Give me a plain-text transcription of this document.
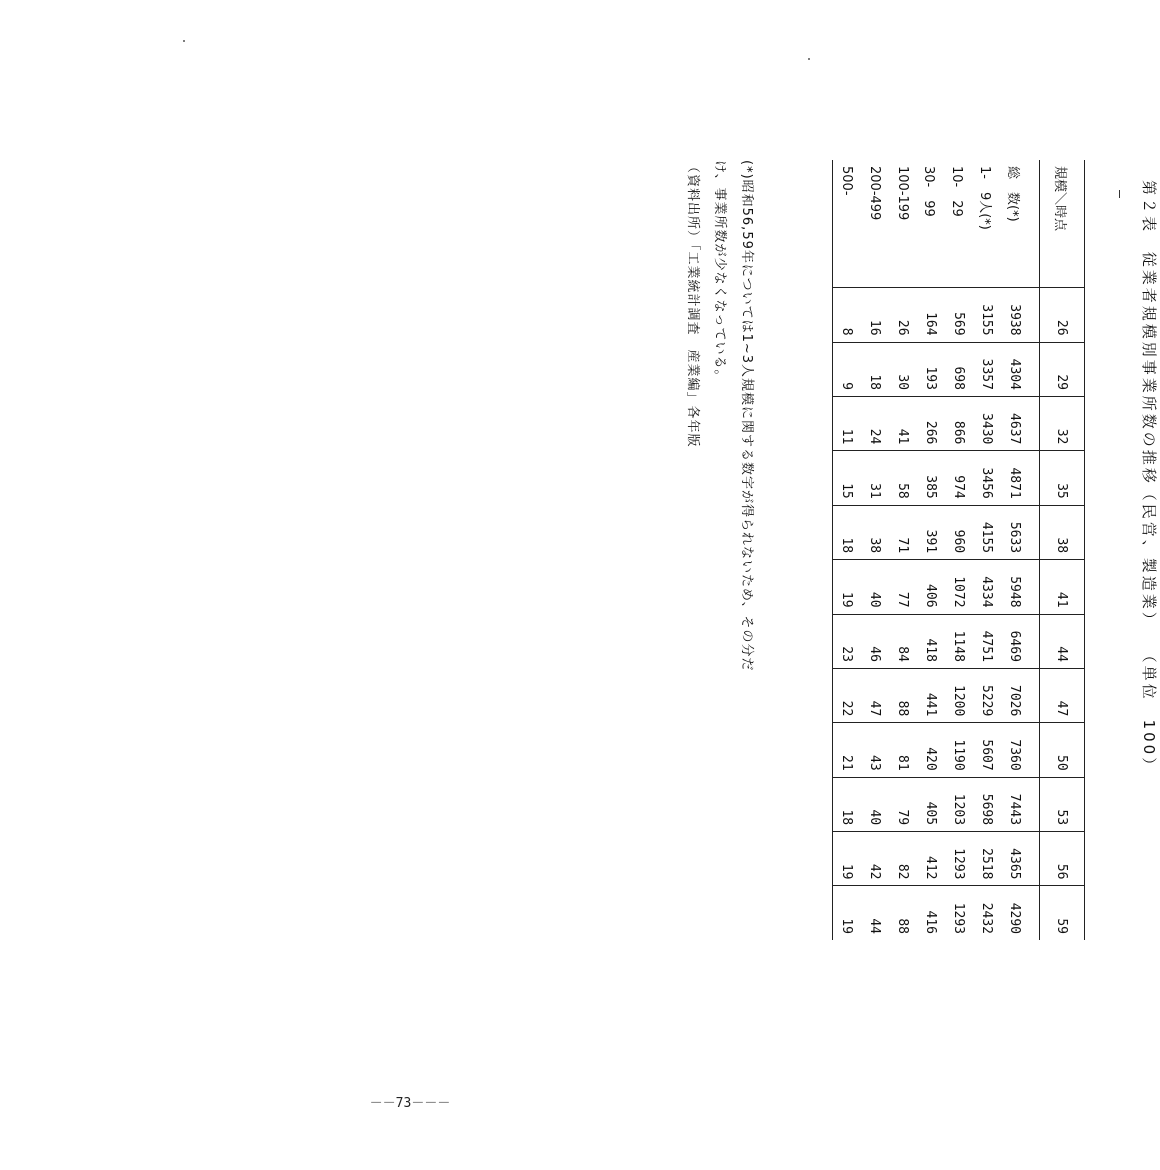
第２表 従業者規模別事業所数の推移（民営、製造業） （単位　100）
規模＼時点	26	29	32	35	38	41	44	47	50	53	56	59
総　数(*)	3938	4304	4637	4871	5633	5948	6469	7026	7360	7443	4365	4290
1-　9人(*)	3155	3357	3430	3456	4155	4334	4751	5229	5607	5698	2518	2432
10-　29	569	698	866	974	960	1072	1148	1200	1190	1203	1293	1293
30-　99	164	193	266	385	391	406	418	441	420	405	412	416
100-199	26	30	41	58	71	77	84	88	81	79	82	88
200-499	16	18	24	31	38	40	46	47	43	40	42	44
500-	8	9	11	15	18	19	23	22	21	18	19	19
(*)昭和56,59年については1~3人規模に関する数字が得られないため、その分だ
け、事業所数が少なくなっている。
（資料出所）「工業統計調査　産業編」各年版
－－73－－－
